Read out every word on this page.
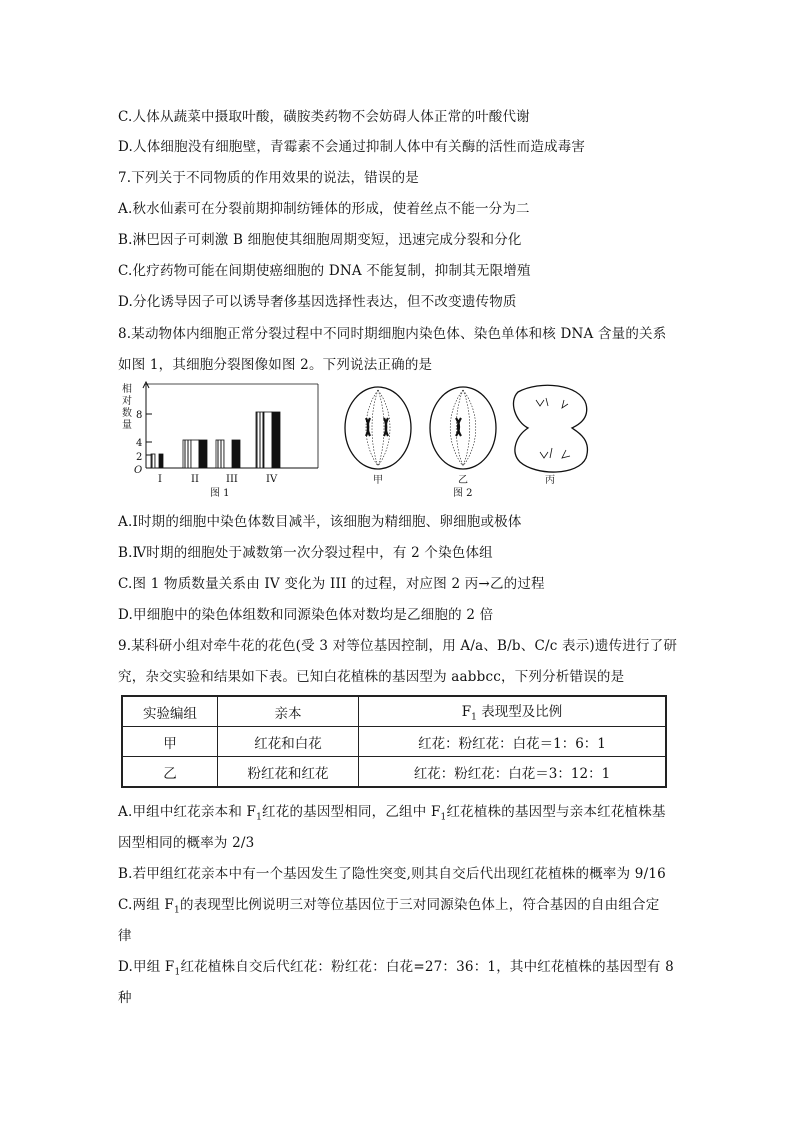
C.人体从蔬菜中摄取叶酸，磺胺类药物不会妨碍人体正常的叶酸代谢
D.人体细胞没有细胞壁，青霉素不会通过抑制人体中有关酶的活性而造成毒害
7.下列关于不同物质的作用效果的说法，错误的是
A.秋水仙素可在分裂前期抑制纺锤体的形成，使着丝点不能一分为二
B.淋巴因子可刺激 B 细胞使其细胞周期变短，迅速完成分裂和分化
C.化疗药物可能在间期使癌细胞的 DNA 不能复制，抑制其无限增殖
D.分化诱导因子可以诱导奢侈基因选择性表达，但不改变遗传物质
8.某动物体内细胞正常分裂过程中不同时期细胞内染色体、染色单体和核 DNA 含量的关系
如图 1，其细胞分裂图像如图 2。下列说法正确的是
相
对
数
量
8
4
2
O
I	II	III	IV
图 1
甲	乙	丙
图 2
A.Ⅰ时期的细胞中染色体数目减半，该细胞为精细胞、卵细胞或极体
B.Ⅳ时期的细胞处于减数第一次分裂过程中，有 2 个染色体组
C.图 1 物质数量关系由 IV 变化为 III 的过程，对应图 2 丙→乙的过程
D.甲细胞中的染色体组数和同源染色体对数均是乙细胞的 2 倍
9.某科研小组对牵牛花的花色(受 3 对等位基因控制，用 A/a、B/b、C/c 表示)遗传进行了研
究，杂交实验和结果如下表。已知白花植株的基因型为 aabbcc，下列分析错误的是
实验编组	亲本	$F_1$ 表现型及比例
甲	红花和白花	红花：粉红花：白花＝1：6：1
乙	粉红花和红花	红花：粉红花：白花＝3：12：1
A.甲组中红花亲本和 $F_1$红花的基因型相同，乙组中 $F_1$红花植株的基因型与亲本红花植株基
因型相同的概率为 2/3
B.若甲组红花亲本中有一个基因发生了隐性突变,则其自交后代出现红花植株的概率为 9/16
C.两组 $F_1$的表现型比例说明三对等位基因位于三对同源染色体上，符合基因的自由组合定
律
D.甲组 $F_1$红花植株自交后代红花：粉红花：白花=27：36：1，其中红花植株的基因型有 8
种
